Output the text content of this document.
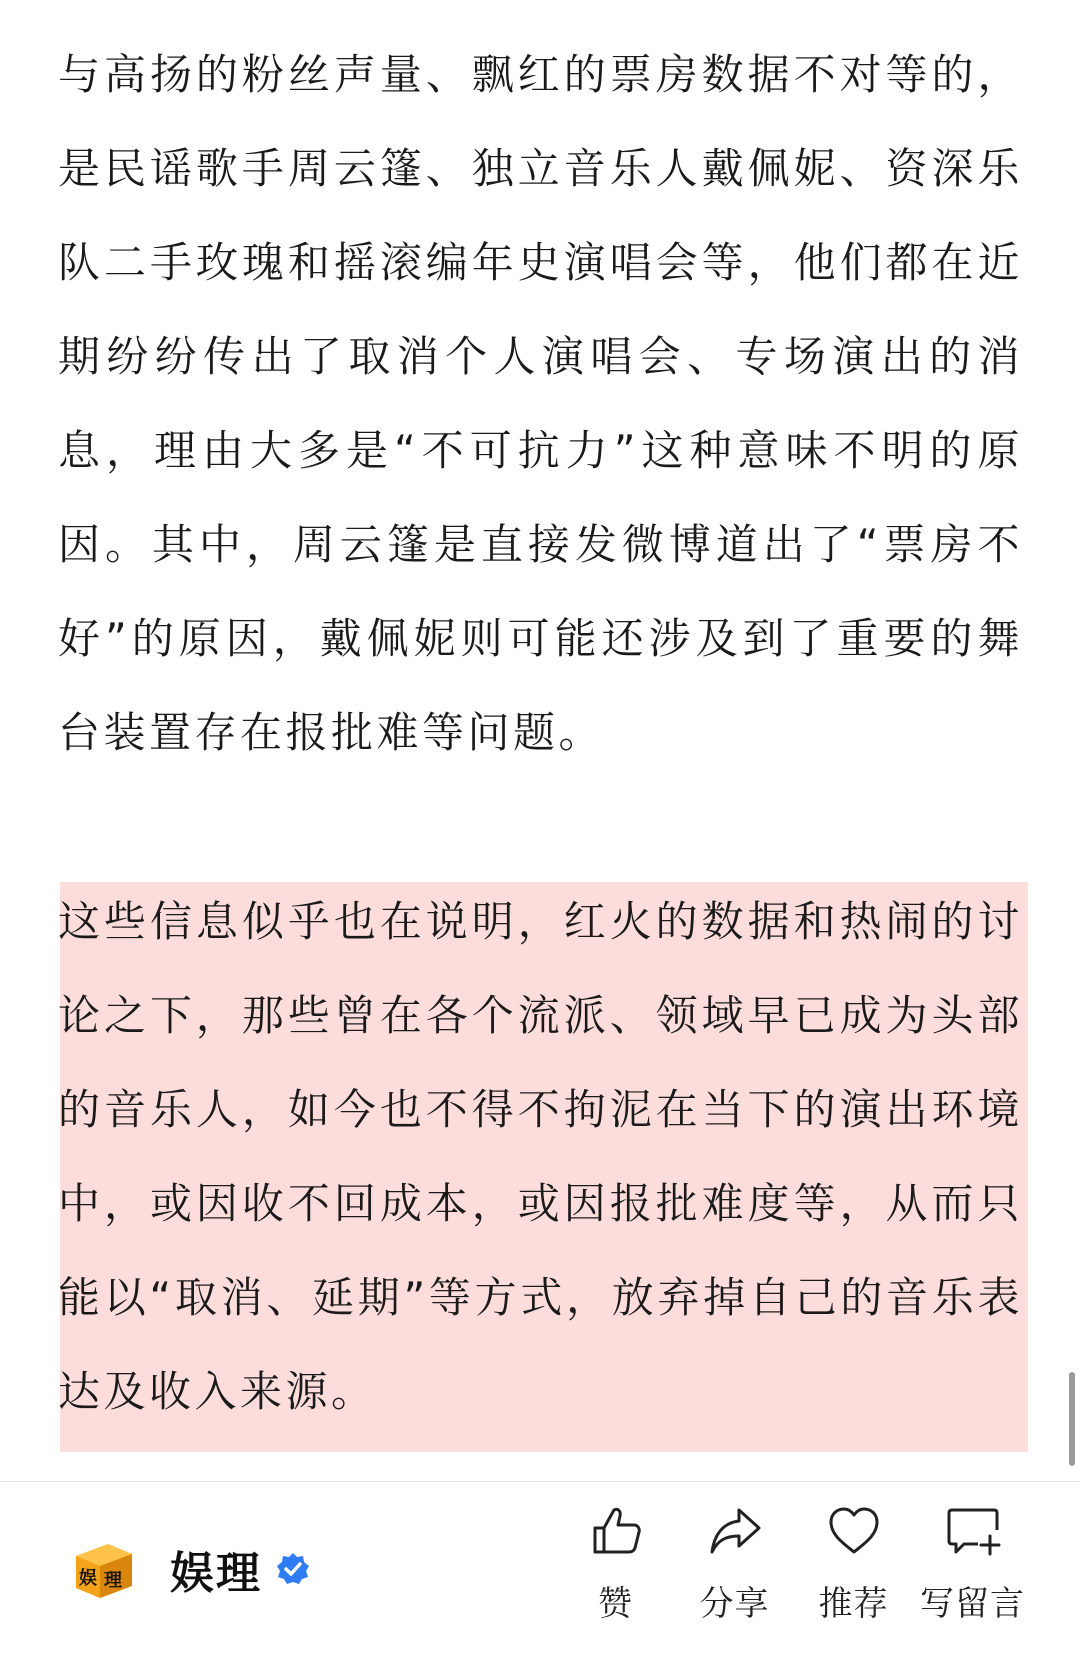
与高扬的粉丝声量、飘红的票房数据不对等的，是民谣歌手周云篷、独立音乐人戴佩妮、资深乐队二手玫瑰和摇滚编年史演唱会等，他们都在近期纷纷传出了取消个人演唱会、专场演出的消息，理由大多是“不可抗力”这种意味不明的原因。其中，周云篷是直接发微博道出了“票房不好”的原因，戴佩妮则可能还涉及到了重要的舞台装置存在报批难等问题。

这些信息似乎也在说明，红火的数据和热闹的讨论之下，那些曾在各个流派、领域早已成为头部的音乐人，如今也不得不拘泥在当下的演出环境中，或因收不回成本，或因报批难度等，从而只能以“取消、延期”等方式，放弃掉自己的音乐表达及收入来源。

娱 理 娱理
赞 分享 推荐 写留言
